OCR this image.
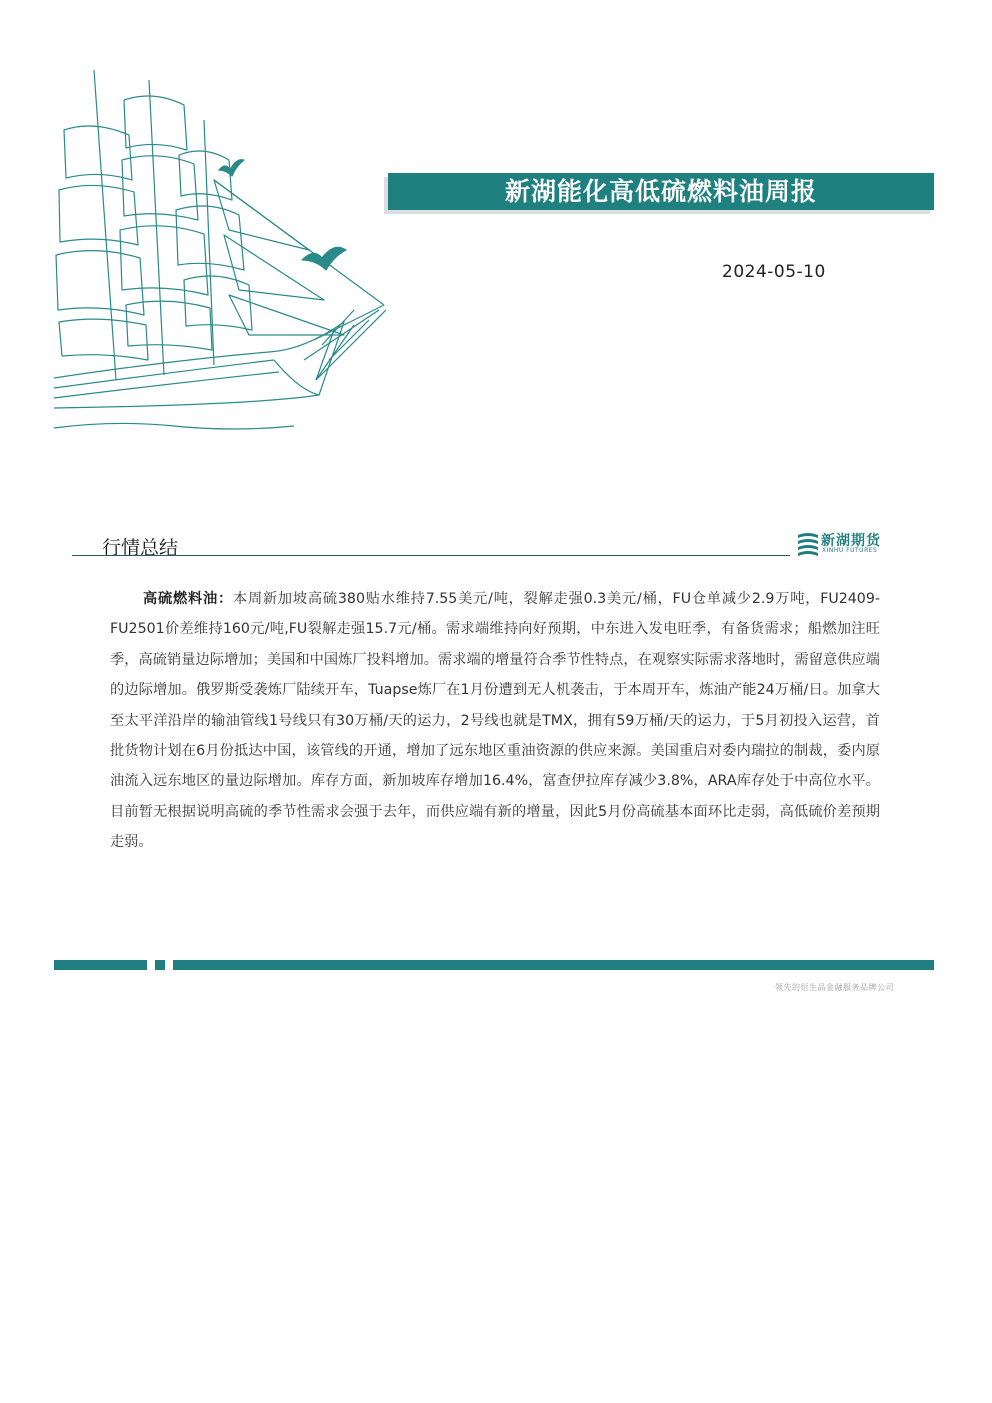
新湖能化高低硫燃料油周报
2024-05-10
行情总结	新湖期货
XINHU FUTURES
高硫燃料油：本周新加坡高硫380贴水维持7.55美元/吨，裂解走强0.3美元/桶，FU仓单减少2.9万吨，FU2409-FU2501价差维持160元/吨,FU裂解走强15.7元/桶。需求端维持向好预期，中东进入发电旺季，有备货需求；船燃加注旺季，高硫销量边际增加；美国和中国炼厂投料增加。需求端的增量符合季节性特点，在观察实际需求落地时，需留意供应端的边际增加。俄罗斯受袭炼厂陆续开车，Tuapse炼厂在1月份遭到无人机袭击，于本周开车，炼油产能24万桶/日。加拿大至太平洋沿岸的输油管线1号线只有30万桶/天的运力，2号线也就是TMX，拥有59万桶/天的运力，于5月初投入运营，首批货物计划在6月份抵达中国，该管线的开通，增加了远东地区重油资源的供应来源。美国重启对委内瑞拉的制裁，委内原油流入远东地区的量边际增加。库存方面，新加坡库存增加16.4%，富查伊拉库存减少3.8%，ARA库存处于中高位水平。目前暂无根据说明高硫的季节性需求会强于去年，而供应端有新的增量，因此5月份高硫基本面环比走弱，高低硫价差预期走弱。
领先的衍生品金融服务品牌公司
